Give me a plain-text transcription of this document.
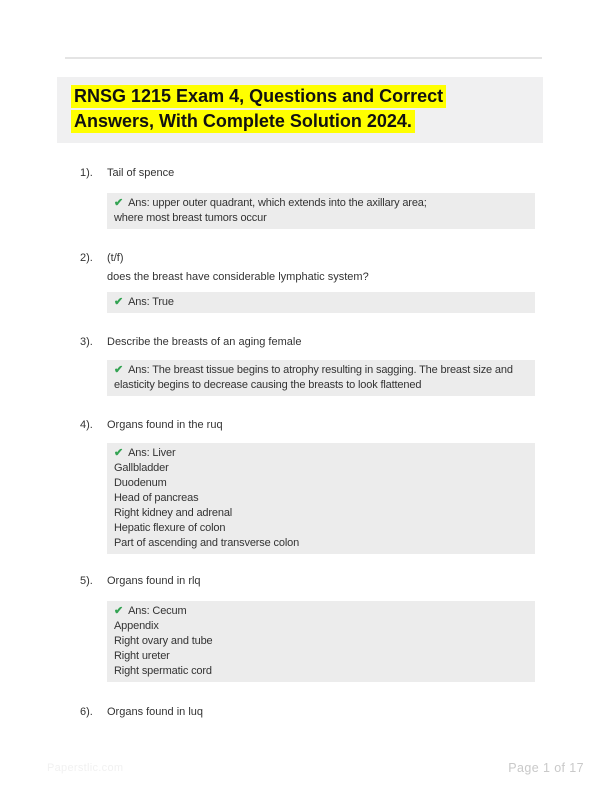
RNSG 1215 Exam 4, Questions and Correct
Answers, With Complete Solution 2024.
1). Tail of spence
✔ Ans: upper outer quadrant, which extends into the axillary area;
where most breast tumors occur
2). (t/f)
does the breast have considerable lymphatic system?
✔ Ans: True
3). Describe the breasts of an aging female
✔ Ans: The breast tissue begins to atrophy resulting in sagging. The breast size and
elasticity begins to decrease causing the breasts to look flattened
4). Organs found in the ruq
✔ Ans: Liver
Gallbladder
Duodenum
Head of pancreas
Right kidney and adrenal
Hepatic flexure of colon
Part of ascending and transverse colon
5). Organs found in rlq
✔ Ans: Cecum
Appendix
Right ovary and tube
Right ureter
Right spermatic cord
6). Organs found in luq
Paperstlic.com	Page 1 of 17
